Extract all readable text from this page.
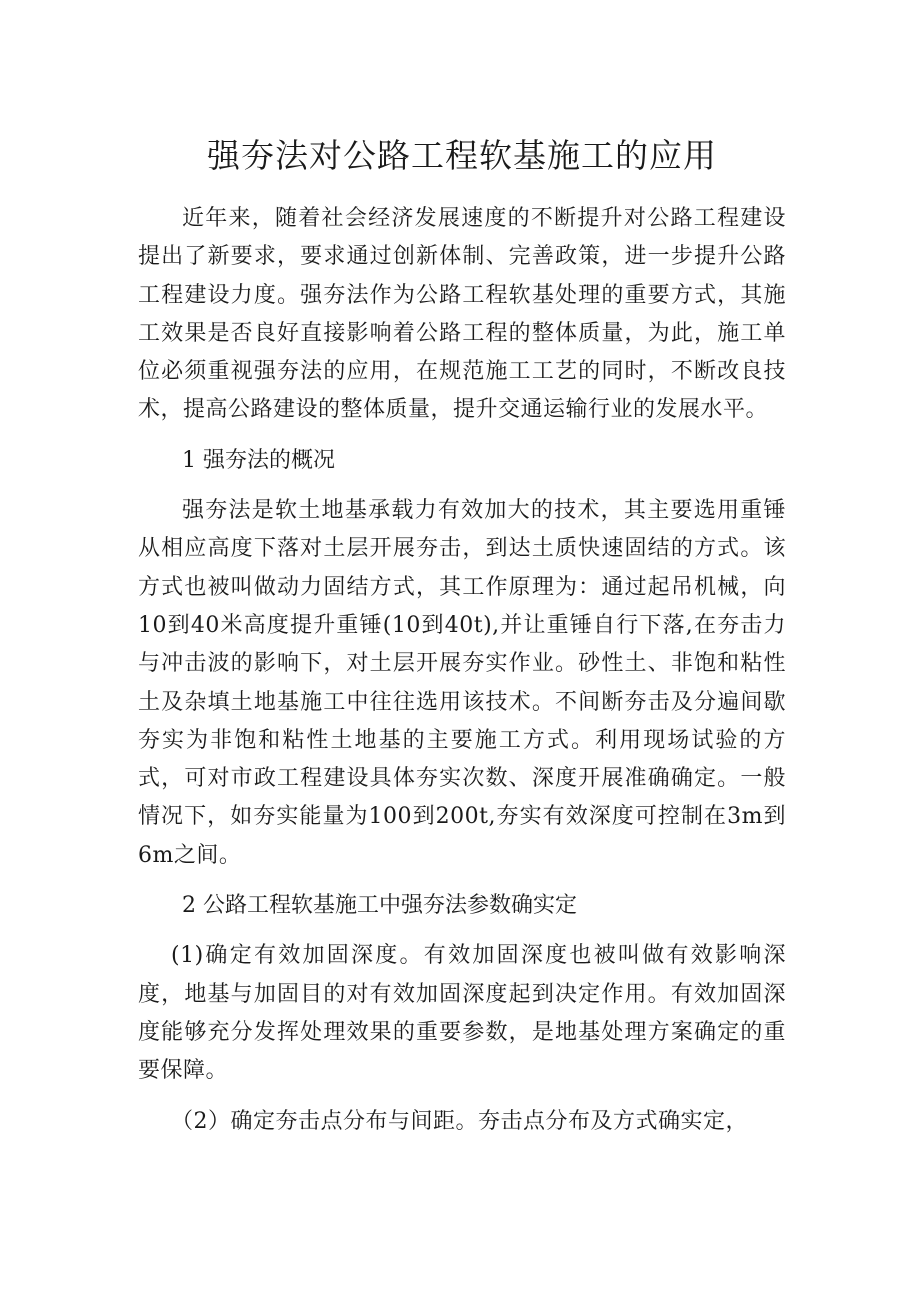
强夯法对公路工程软基施工的应用

近年来，随着社会经济发展速度的不断提升对公路工程建设提出了新要求，要求通过创新体制、完善政策，进一步提升公路工程建设力度。强夯法作为公路工程软基处理的重要方式，其施工效果是否良好直接影响着公路工程的整体质量，为此，施工单位必须重视强夯法的应用，在规范施工工艺的同时，不断改良技术，提高公路建设的整体质量，提升交通运输行业的发展水平。

1 强夯法的概况

强夯法是软土地基承载力有效加大的技术，其主要选用重锤从相应高度下落对土层开展夯击，到达土质快速固结的方式。该方式也被叫做动力固结方式，其工作原理为：通过起吊机械，向10到40米高度提升重锤(10到40t),并让重锤自行下落,在夯击力与冲击波的影响下，对土层开展夯实作业。砂性土、非饱和粘性土及杂填土地基施工中往往选用该技术。不间断夯击及分遍间歇夯实为非饱和粘性土地基的主要施工方式。利用现场试验的方式，可对市政工程建设具体夯实次数、深度开展准确确定。一般情况下，如夯实能量为100到200t,夯实有效深度可控制在3m到6m之间。

2 公路工程软基施工中强夯法参数确实定

(1)确定有效加固深度。有效加固深度也被叫做有效影响深度，地基与加固目的对有效加固深度起到决定作用。有效加固深度能够充分发挥处理效果的重要参数，是地基处理方案确定的重要保障。

（2）确定夯击点分布与间距。夯击点分布及方式确实定，
